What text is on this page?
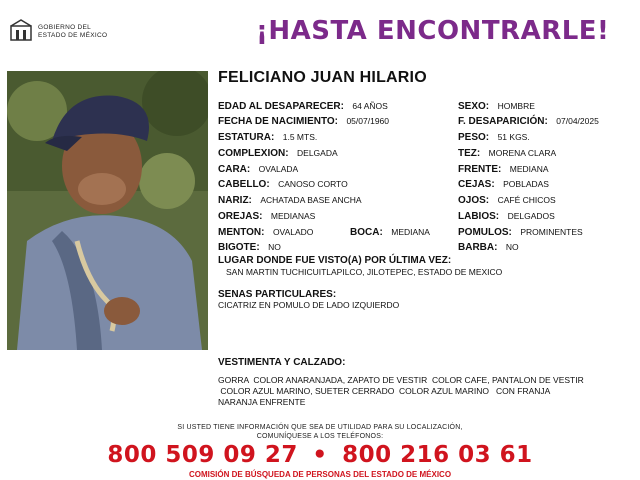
GOBIERNO DEL
ESTADO DE MÉXICO	¡HASTA ENCONTRARLE!
FELICIANO JUAN HILARIO
EDAD AL DESAPARECER: 64 AÑOS
FECHA DE NACIMIENTO: 05/07/1960
ESTATURA: 1.5 MTS.
COMPLEXION: DELGADA
CARA: OVALADA
CABELLO: CANOSO CORTO
NARIZ: ACHATADA BASE ANCHA
OREJAS: MEDIANAS
MENTON: OVALADO	BOCA: MEDIANA
BIGOTE: NO
SEXO: HOMBRE
F. DESAPARICIÓN: 07/04/2025
PESO: 51 KGS.
TEZ: MORENA CLARA
FRENTE: MEDIANA
CEJAS: POBLADAS
OJOS: CAFÉ CHICOS
LABIOS: DELGADOS
POMULOS: PROMINENTES
BARBA: NO
LUGAR DONDE FUE VISTO(A) POR ÚLTIMA VEZ:
SAN MARTIN TUCHICUITLAPILCO, JILOTEPEC, ESTADO DE MEXICO
SENAS PARTICULARES:
CICATRIZ EN POMULO DE LADO IZQUIERDO
VESTIMENTA Y CALZADO:
GORRA  COLOR ANARANJADA, ZAPATO DE VESTIR  COLOR CAFE, PANTALON DE VESTIR
COLOR AZUL MARINO, SUETER CERRADO  COLOR AZUL MARINO   CON FRANJA
NARANJA ENFRENTE
SI USTED TIENE INFORMACIÓN QUE SEA DE UTILIDAD PARA SU LOCALIZACIÓN,
COMUNÍQUESE A LOS TELÉFONOS:
800 509 09 27 • 800 216 03 61
COMISIÓN DE BÚSQUEDA DE PERSONAS DEL ESTADO DE MÉXICO
